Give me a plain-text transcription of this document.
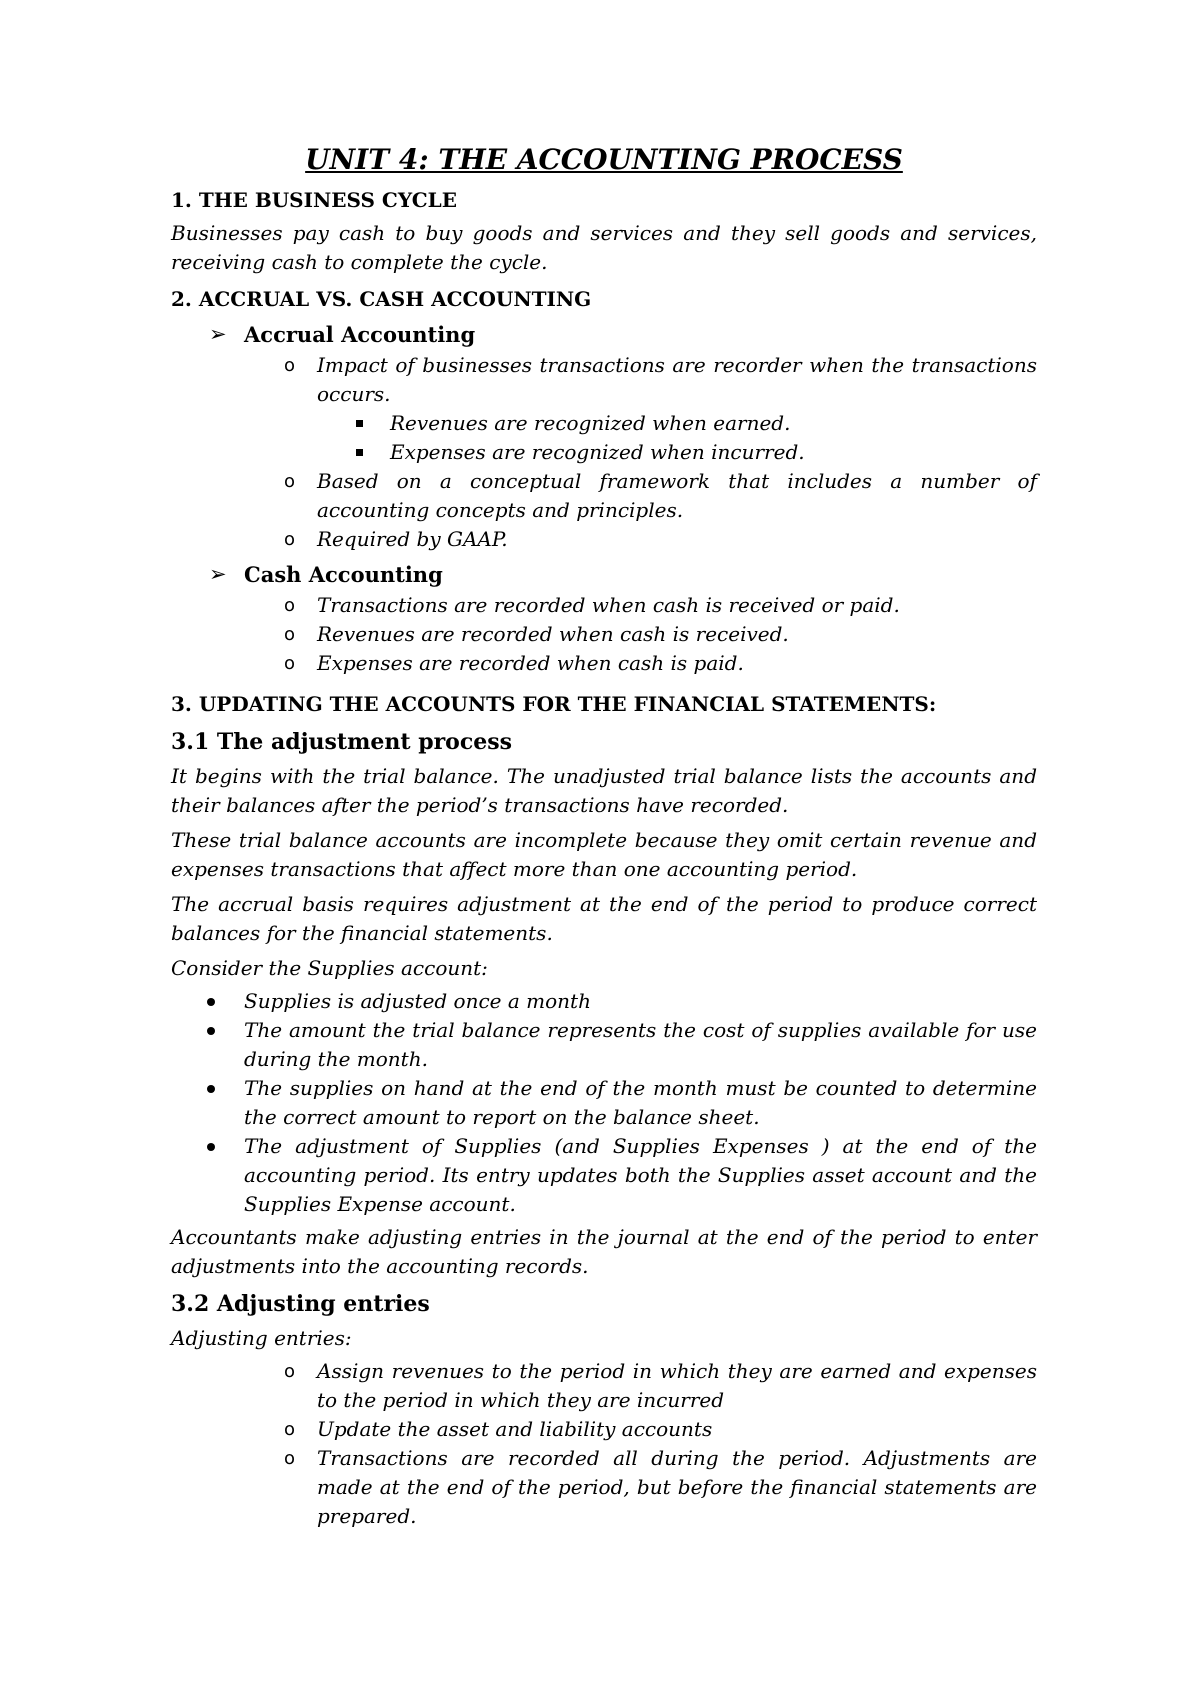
UNIT 4: THE ACCOUNTING PROCESS
1. THE BUSINESS CYCLE
Businesses pay cash to buy goods and services and they sell goods and services, receiving cash to complete the cycle.
2. ACCRUAL VS. CASH ACCOUNTING
➢ Accrual Accounting
o Impact of businesses transactions are recorder when the transactions occurs.
Revenues are recognized when earned.
Expenses are recognized when incurred.
o Based on a conceptual framework that includes a number of accounting concepts and principles.
o Required by GAAP.
➢ Cash Accounting
o Transactions are recorded when cash is received or paid.
o Revenues are recorded when cash is received.
o Expenses are recorded when cash is paid.
3. UPDATING THE ACCOUNTS FOR THE FINANCIAL STATEMENTS:
3.1 The adjustment process
It begins with the trial balance. The unadjusted trial balance lists the accounts and their balances after the period’s transactions have recorded.
These trial balance accounts are incomplete because they omit certain revenue and expenses transactions that affect more than one accounting period.
The accrual basis requires adjustment at the end of the period to produce correct balances for the financial statements.
Consider the Supplies account:
Supplies is adjusted once a month
The amount the trial balance represents the cost of supplies available for use during the month.
The supplies on hand at the end of the month must be counted to determine the correct amount to report on the balance sheet.
The adjustment of Supplies (and Supplies Expenses ) at the end of the accounting period. Its entry updates both the Supplies asset account and the Supplies Expense account.
Accountants make adjusting entries in the journal at the end of the period to enter adjustments into the accounting records.
3.2 Adjusting entries
Adjusting entries:
o Assign revenues to the period in which they are earned and expenses to the period in which they are incurred
o Update the asset and liability accounts
o Transactions are recorded all during the period. Adjustments are made at the end of the period, but before the financial statements are prepared.
